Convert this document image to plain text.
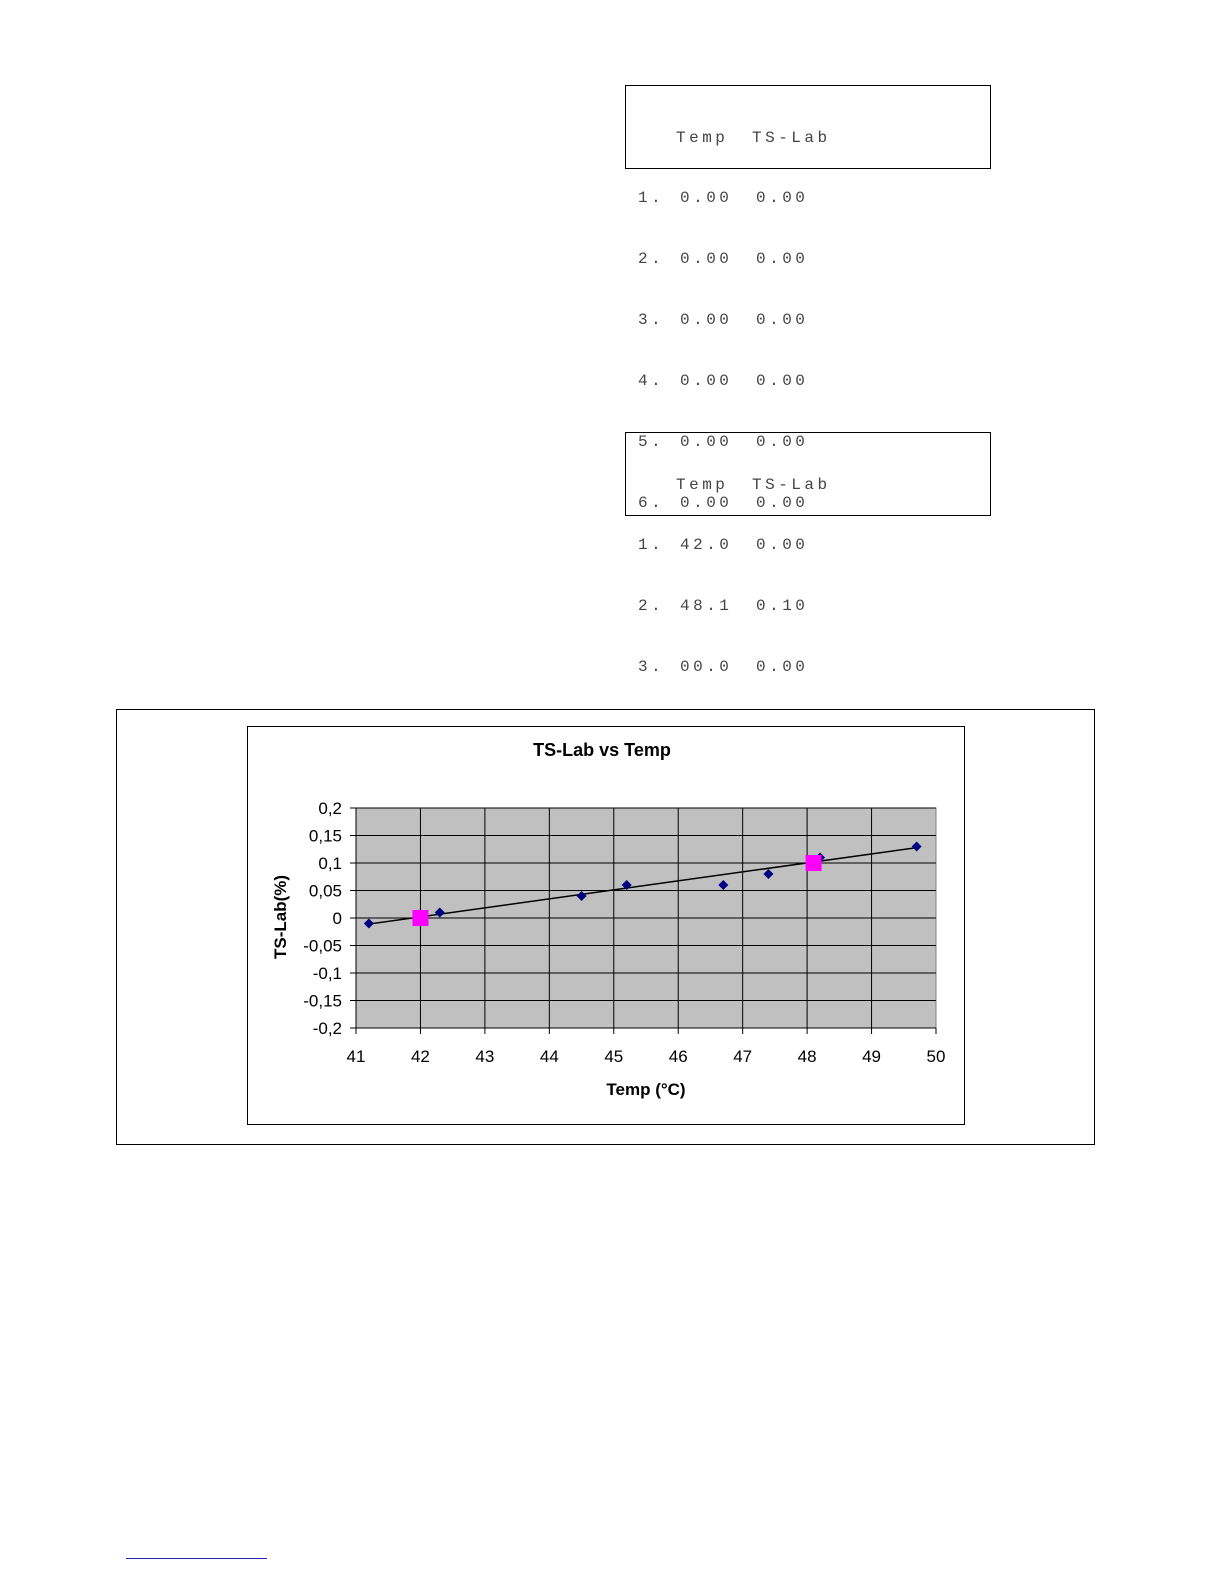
Temp TS-Lab

1. 0.00 0.00

2. 0.00 0.00

3. 0.00 0.00

4. 0.00 0.00

5. 0.00 0.00

6. 0.00 0.00

Temp TS-Lab

1. 42.0 0.00

2. 48.1 0.10

3. 00.0 0.00

TS-Lab vs Temp
41	42	43	44	45	46	47	48	49	50
0,2
0,15
0,1
0,05
0
-0,05
-0,1
-0,15
-0,2
Temp (°C)
TS-Lab(%)
